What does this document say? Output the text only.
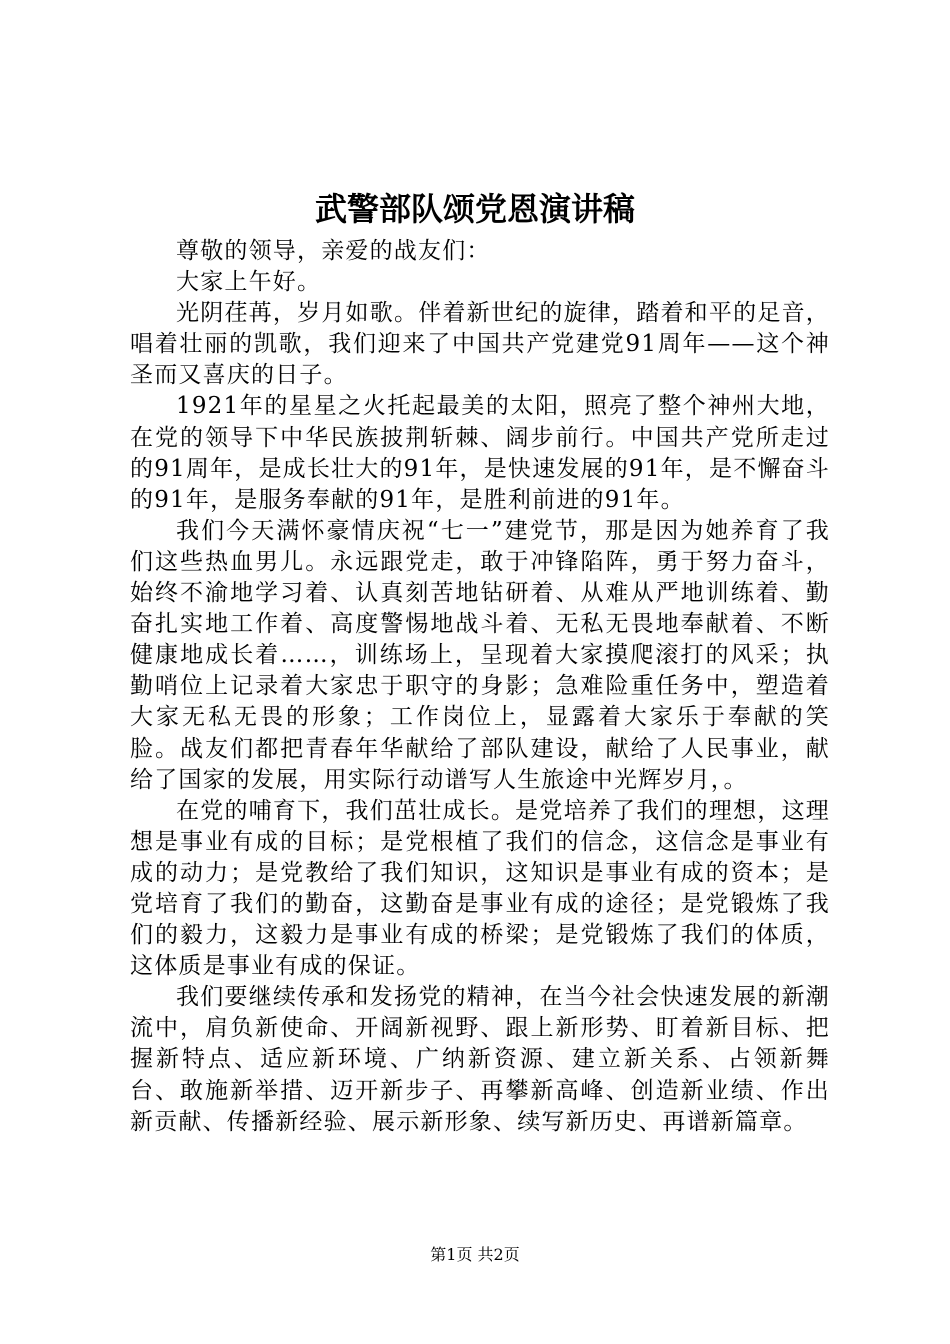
武警部队颂党恩演讲稿

尊敬的领导，亲爱的战友们：

大家上午好。

光阴荏苒，岁月如歌。伴着新世纪的旋律，踏着和平的足音，唱着壮丽的凯歌，我们迎来了中国共产党建党91周年——这个神圣而又喜庆的日子。

1921年的星星之火托起最美的太阳，照亮了整个神州大地，在党的领导下中华民族披荆斩棘、阔步前行。中国共产党所走过的91周年，是成长壮大的91年，是快速发展的91年，是不懈奋斗的91年，是服务奉献的91年，是胜利前进的91年。

我们今天满怀豪情庆祝“七一”建党节，那是因为她养育了我们这些热血男儿。永远跟党走，敢于冲锋陷阵，勇于努力奋斗，始终不渝地学习着、认真刻苦地钻研着、从难从严地训练着、勤奋扎实地工作着、高度警惕地战斗着、无私无畏地奉献着、不断健康地成长着……，训练场上，呈现着大家摸爬滚打的风采；执勤哨位上记录着大家忠于职守的身影；急难险重任务中，塑造着大家无私无畏的形象；工作岗位上，显露着大家乐于奉献的笑脸。战友们都把青春年华献给了部队建设，献给了人民事业，献给了国家的发展，用实际行动谱写人生旅途中光辉岁月，。

在党的哺育下，我们茁壮成长。是党培养了我们的理想，这理想是事业有成的目标；是党根植了我们的信念，这信念是事业有成的动力；是党教给了我们知识，这知识是事业有成的资本；是党培育了我们的勤奋，这勤奋是事业有成的途径；是党锻炼了我们的毅力，这毅力是事业有成的桥梁；是党锻炼了我们的体质，这体质是事业有成的保证。

我们要继续传承和发扬党的精神，在当今社会快速发展的新潮流中，肩负新使命、开阔新视野、跟上新形势、盯着新目标、把握新特点、适应新环境、广纳新资源、建立新关系、占领新舞台、敢施新举措、迈开新步子、再攀新高峰、创造新业绩、作出新贡献、传播新经验、展示新形象、续写新历史、再谱新篇章。

第1页 共2页
